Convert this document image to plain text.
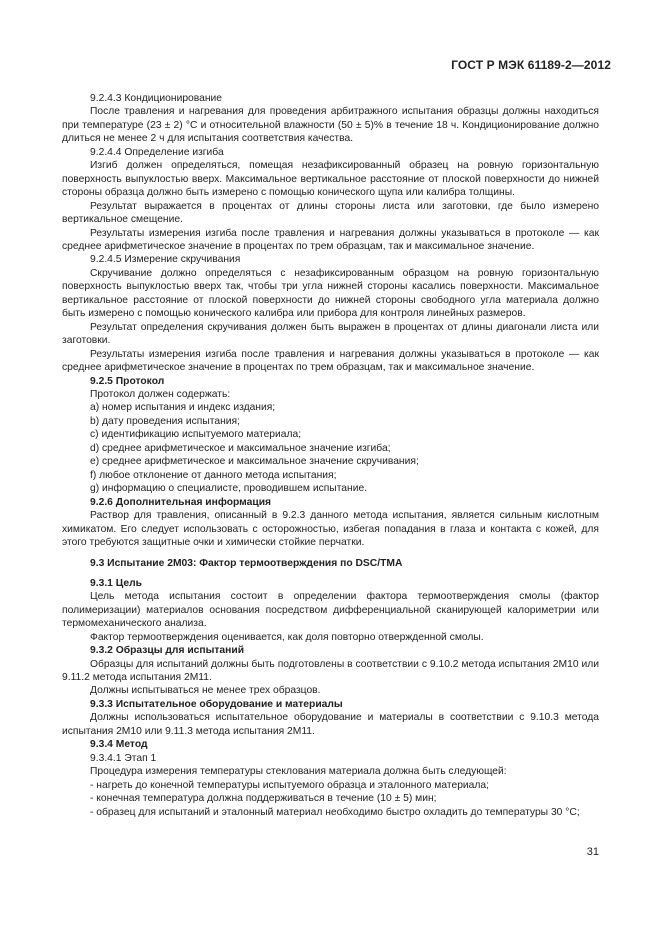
ГОСТ Р МЭК 61189-2—2012

9.2.4.3 Кондиционирование

После травления и нагревания для проведения арбитражного испытания образцы должны находиться при температуре (23 ± 2) °С и относительной влажности (50 ± 5)% в течение 18 ч. Кондиционирование должно длиться не менее 2 ч для испытания соответствия качества.

9.2.4.4 Определение изгиба

Изгиб должен определяться, помещая незафиксированный образец на ровную горизонтальную поверхность выпуклостью вверх. Максимальное вертикальное расстояние от плоской поверхности до нижней стороны образца должно быть измерено с помощью конического щупа или калибра толщины.

Результат выражается в процентах от длины стороны листа или заготовки, где было измерено вертикальное смещение.

Результаты измерения изгиба после травления и нагревания должны указываться в протоколе — как среднее арифметическое значение в процентах по трем образцам, так и максимальное значение.

9.2.4.5 Измерение скручивания

Скручивание должно определяться с незафиксированным образцом на ровную горизонтальную поверхность выпуклостью вверх так, чтобы три угла нижней стороны касались поверхности. Максимальное вертикальное расстояние от плоской поверхности до нижней стороны свободного угла материала должно быть измерено с помощью конического калибра или прибора для контроля линейных размеров.

Результат определения скручивания должен быть выражен в процентах от длины диагонали листа или заготовки.

Результаты измерения изгиба после травления и нагревания должны указываться в протоколе — как среднее арифметическое значение в процентах по трем образцам, так и максимальное значение.

9.2.5 Протокол

Протокол должен содержать:

а) номер испытания и индекс издания;

b) дату проведения испытания;

с) идентификацию испытуемого материала;

d) среднее арифметическое и максимальное значение изгиба;

е) среднее арифметическое и максимальное значение скручивания;

f) любое отклонение от данного метода испытания;

g) информацию о специалисте, проводившем испытание.

9.2.6 Дополнительная информация

Раствор для травления, описанный в 9.2.3 данного метода испытания, является сильным кислотным химикатом. Его следует использовать с осторожностью, избегая попадания в глаза и контакта с кожей, для этого требуются защитные очки и химически стойкие перчатки.

9.3 Испытание 2М03: Фактор термоотверждения по DSC/TMA

9.3.1 Цель

Цель метода испытания состоит в определении фактора термоотверждения смолы (фактор полимеризации) материалов основания посредством дифференциальной сканирующей калориметрии или термомеханического анализа.

Фактор термоотверждения оценивается, как доля повторно отвержденной смолы.

9.3.2 Образцы для испытаний

Образцы для испытаний должны быть подготовлены в соответствии с 9.10.2 метода испытания 2М10 или 9.11.2 метода испытания 2М11.

Должны испытываться не менее трех образцов.

9.3.3 Испытательное оборудование и материалы

Должны использоваться испытательное оборудование и материалы в соответствии с 9.10.3 метода испытания 2М10 или 9.11.3 метода испытания 2М11.

9.3.4 Метод

9.3.4.1 Этап 1

Процедура измерения температуры стеклования материала должна быть следующей:

- нагреть до конечной температуры испытуемого образца и эталонного материала;

- конечная температура должна поддерживаться в течение (10 ± 5) мин;

- образец для испытаний и эталонный материал необходимо быстро охладить до температуры 30 °С;

31
